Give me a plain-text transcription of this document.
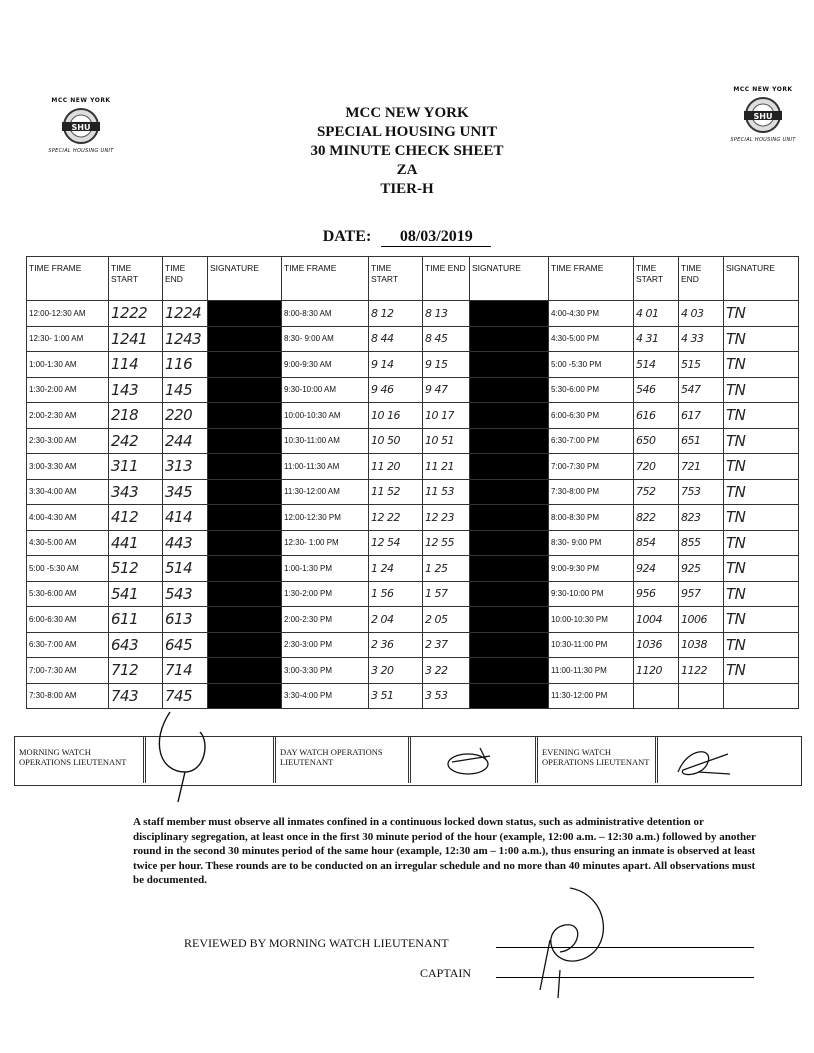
MCC NEW YORK
SHU
SPECIAL HOUSING UNIT
MCC NEW YORK
SHU
SPECIAL HOUSING UNIT
MCC NEW YORK
SPECIAL HOUSING UNIT
30 MINUTE CHECK SHEET
ZA
TIER-H
DATE: 08/03/2019
TIME FRAME	TIME START	TIME END	SIGNATURE	TIME FRAME	TIME START	TIME END	SIGNATURE	TIME FRAME	TIME START	TIME END	SIGNATURE
12:00-12:30 AM	1222	1224		8:00-8:30 AM	8 12	8 13		4:00-4:30 PM	4 01	4 03	TN
12:30- 1:00 AM	1241	1243		8:30- 9:00 AM	8 44	8 45		4:30-5:00 PM	4 31	4 33	TN
1:00-1:30 AM	114	116		9:00-9:30 AM	9 14	9 15		5:00 -5:30 PM	514	515	TN
1:30-2:00 AM	143	145		9:30-10:00 AM	9 46	9 47		5:30-6:00 PM	546	547	TN
2:00-2:30 AM	218	220		10:00-10:30 AM	10 16	10 17		6:00-6:30 PM	616	617	TN
2:30-3:00 AM	242	244		10:30-11:00 AM	10 50	10 51		6:30-7:00 PM	650	651	TN
3:00-3:30 AM	311	313		11:00-11:30 AM	11 20	11 21		7:00-7:30 PM	720	721	TN
3:30-4:00 AM	343	345		11:30-12:00 AM	11 52	11 53		7:30-8:00 PM	752	753	TN
4:00-4:30 AM	412	414		12:00-12:30 PM	12 22	12 23		8:00-8:30 PM	822	823	TN
4:30-5:00 AM	441	443		12:30- 1:00 PM	12 54	12 55		8:30- 9:00 PM	854	855	TN
5:00 -5:30 AM	512	514		1:00-1:30 PM	1 24	1 25		9:00-9:30 PM	924	925	TN
5:30-6:00 AM	541	543		1:30-2:00 PM	1 56	1 57		9:30-10:00 PM	956	957	TN
6:00-6:30 AM	611	613		2:00-2:30 PM	2 04	2 05		10:00-10:30 PM	1004	1006	TN
6:30-7:00 AM	643	645		2:30-3:00 PM	2 36	2 37		10:30-11:00 PM	1036	1038	TN
7:00-7:30 AM	712	714		3:00-3:30 PM	3 20	3 22		11:00-11:30 PM	1120	1122	TN
7:30-8:00 AM	743	745		3:30-4:00 PM	3 51	3 53		11:30-12:00 PM			
MORNING WATCH OPERATIONS LIEUTENANT
DAY WATCH OPERATIONS LIEUTENANT
EVENING WATCH OPERATIONS LIEUTENANT
A staff member must observe all inmates confined in a continuous locked down status, such as administrative detention or disciplinary segregation, at least once in the first 30 minute period of the hour (example, 12:00 a.m. – 12:30 a.m.) followed by another round in the second 30 minutes period of the same hour (example, 12:30 am – 1:00 a.m.), thus ensuring an inmate is observed at least twice per hour. These rounds are to be conducted on an irregular schedule and no more than 40 minutes apart. All observations must be documented.
REVIEWED BY MORNING WATCH LIEUTENANT
CAPTAIN
